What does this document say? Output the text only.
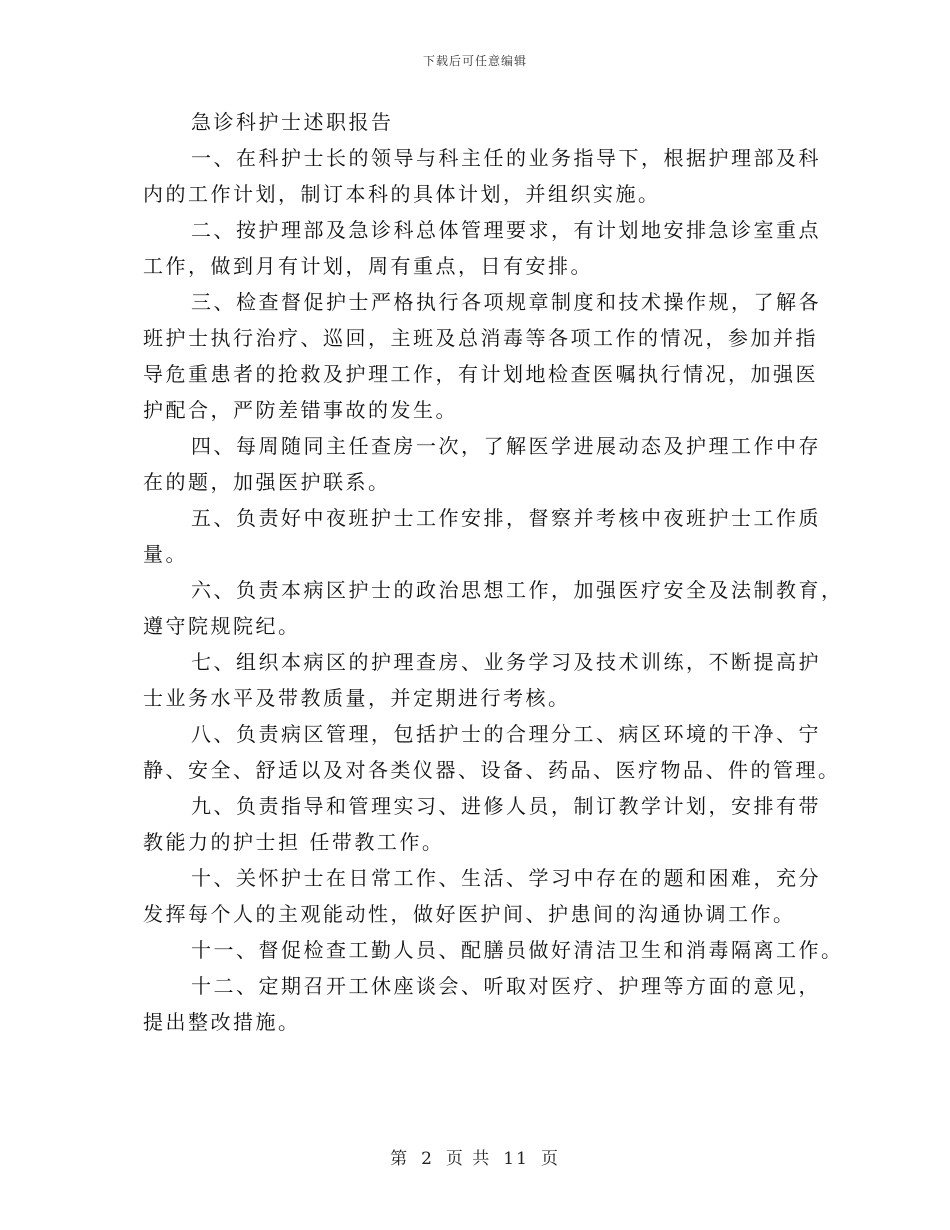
下载后可任意编辑
急诊科护士述职报告
一、在科护士长的领导与科主任的业务指导下，根据护理部及科
内的工作计划，制订本科的具体计划，并组织实施。
二、按护理部及急诊科总体管理要求，有计划地安排急诊室重点
工作，做到月有计划，周有重点，日有安排。
三、检查督促护士严格执行各项规章制度和技术操作规，了解各
班护士执行治疗、巡回，主班及总消毒等各项工作的情况，参加并指
导危重患者的抢救及护理工作，有计划地检查医嘱执行情况，加强医
护配合，严防差错事故的发生。
四、每周随同主任查房一次，了解医学进展动态及护理工作中存
在的题，加强医护联系。
五、负责好中夜班护士工作安排，督察并考核中夜班护士工作质
量。
六、负责本病区护士的政治思想工作，加强医疗安全及法制教育，
遵守院规院纪。
七、组织本病区的护理查房、业务学习及技术训练，不断提高护
士业务水平及带教质量，并定期进行考核。
八、负责病区管理，包括护士的合理分工、病区环境的干净、宁
静、安全、舒适以及对各类仪器、设备、药品、医疗物品、件的管理。
九、负责指导和管理实习、进修人员，制订教学计划，安排有带
教能力的护士担 任带教工作。
十、关怀护士在日常工作、生活、学习中存在的题和困难，充分
发挥每个人的主观能动性，做好医护间、护患间的沟通协调工作。
十一、督促检查工勤人员、配膳员做好清洁卫生和消毒隔离工作。
十二、定期召开工休座谈会、听取对医疗、护理等方面的意见，
提出整改措施。
第 2 页 共 11 页
